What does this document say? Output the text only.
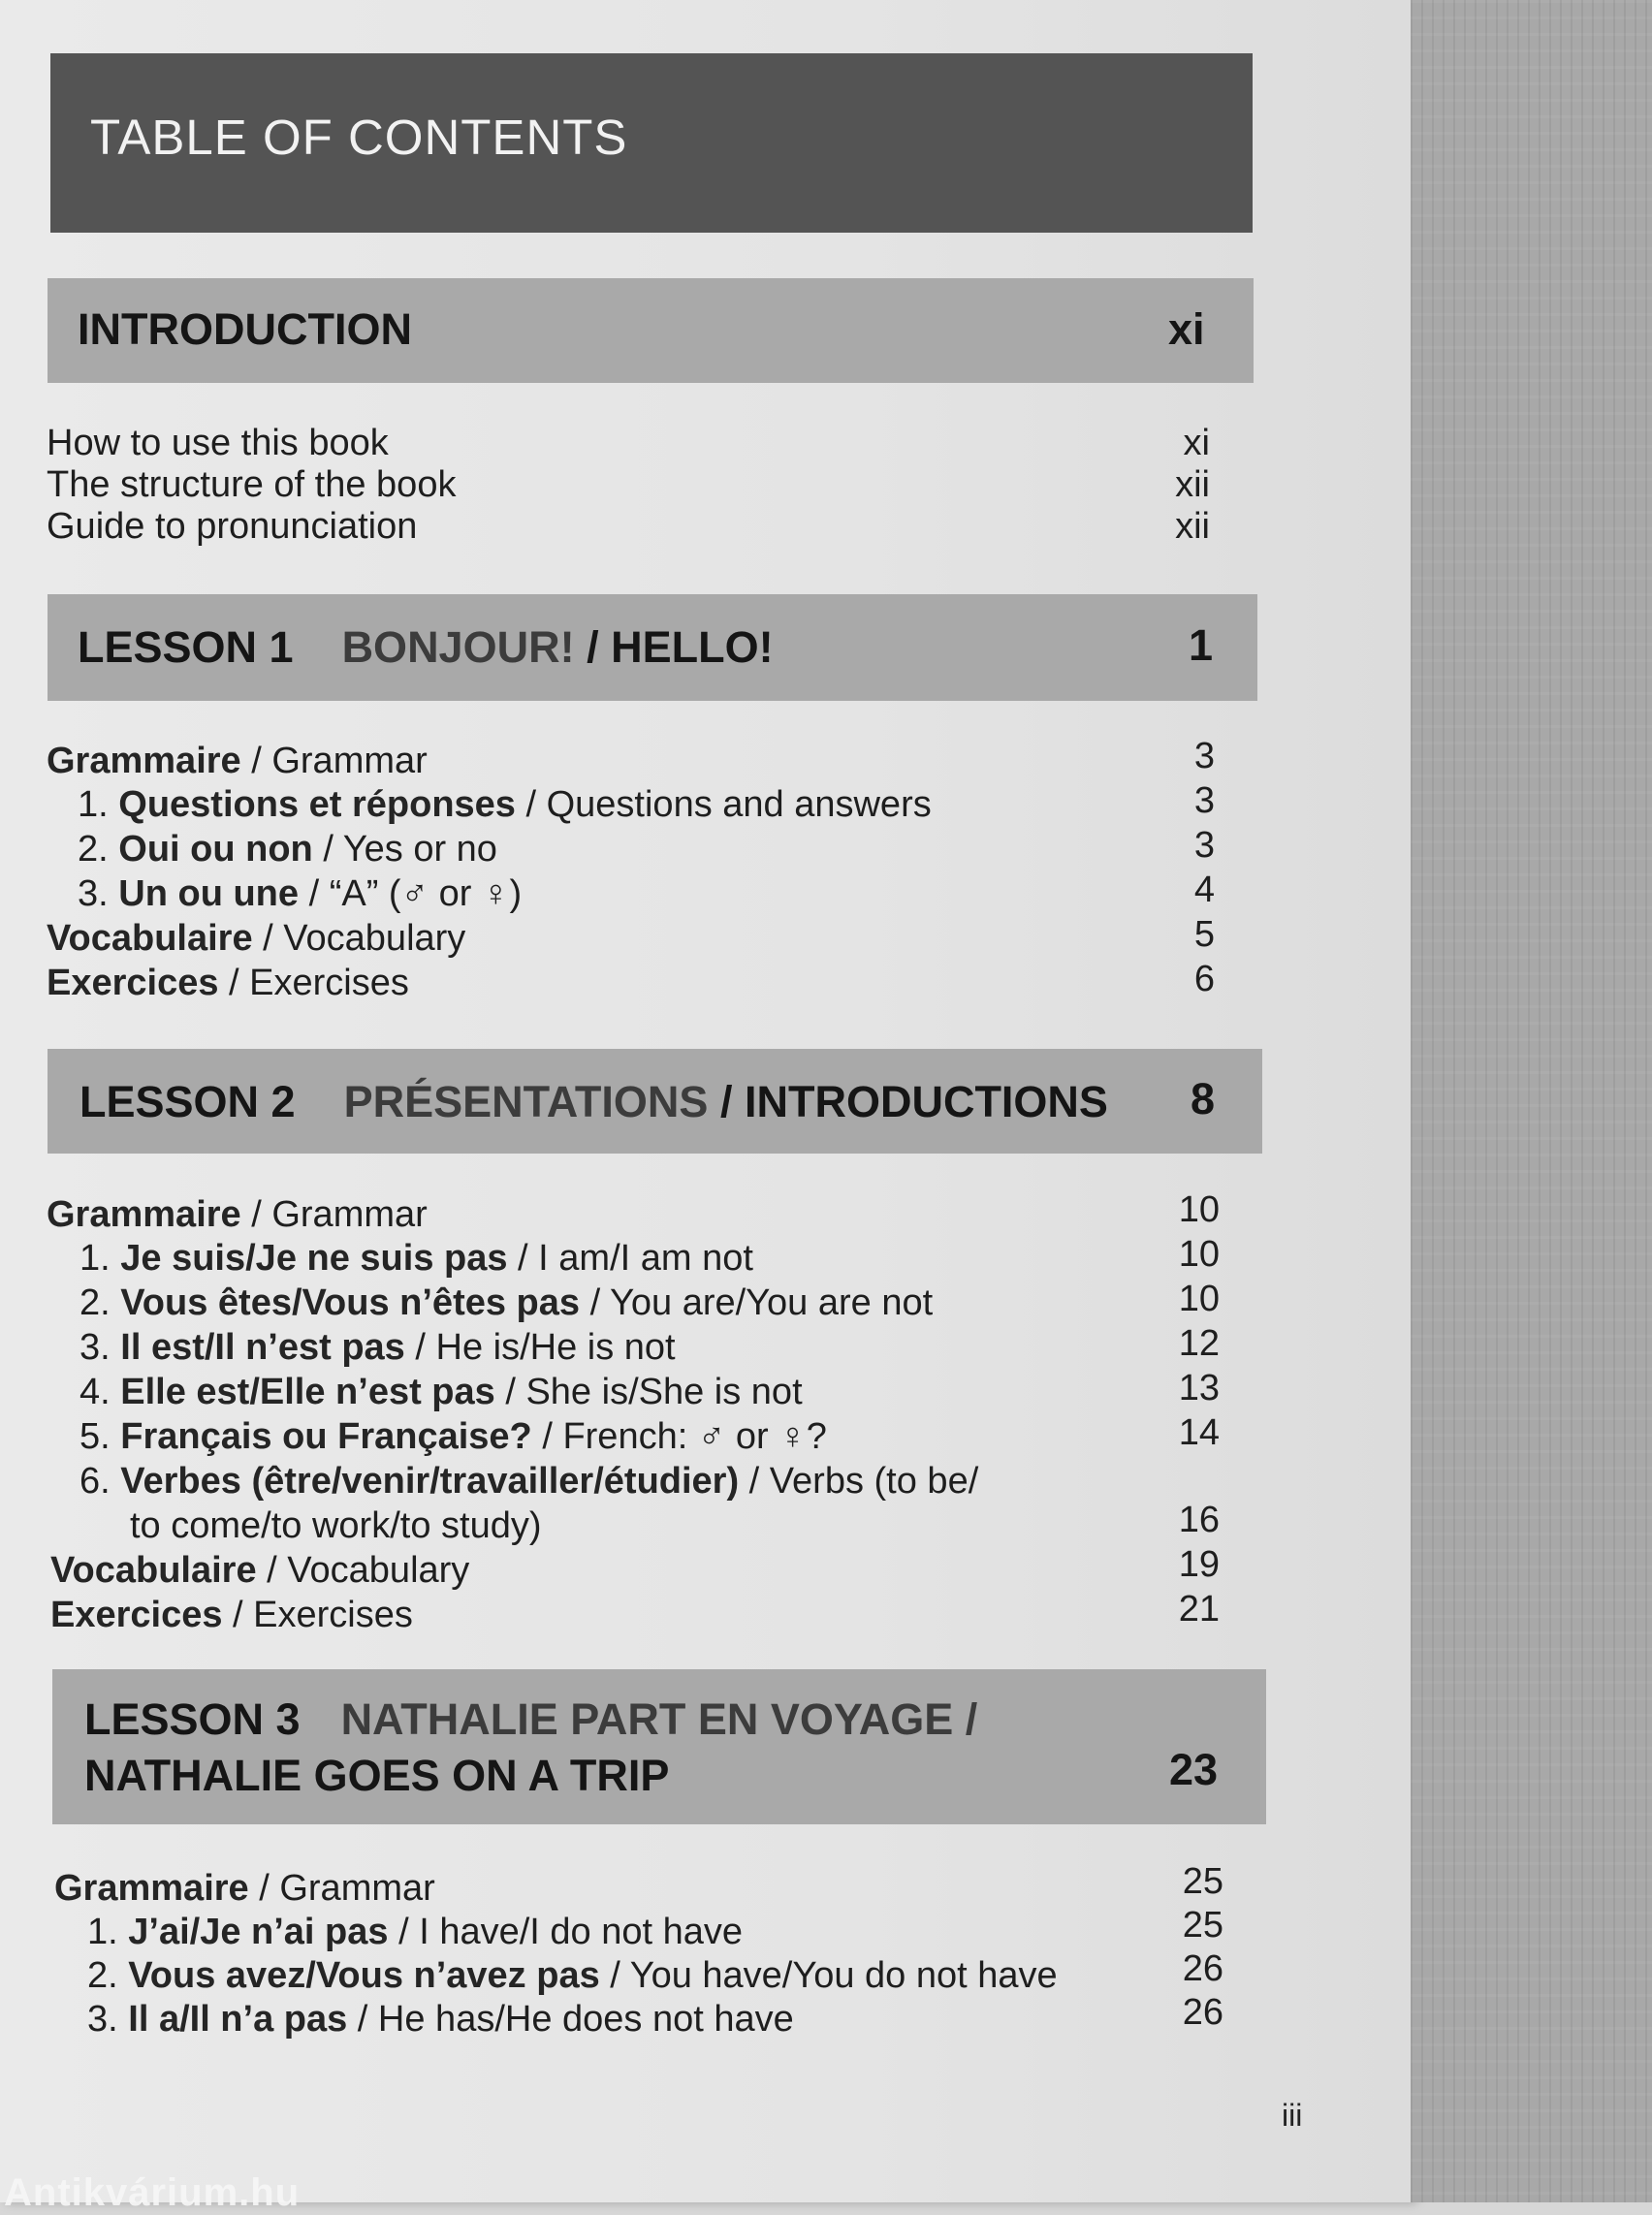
TABLE OF CONTENTS
INTRODUCTION	xi
How to use this book	xi
The structure of the book	xii
Guide to pronunciation	xii
LESSON 1 BONJOUR! / HELLO!	1
Grammaire / Grammar	3
1. Questions et réponses / Questions and answers	3
2. Oui ou non / Yes or no	3
3. Un ou une / “A” (♂ or ♀)	4
Vocabulaire / Vocabulary	5
Exercices / Exercises	6
LESSON 2 PRÉSENTATIONS / INTRODUCTIONS 8
Grammaire / Grammar	10
1. Je suis/Je ne suis pas / I am/I am not	10
2. Vous êtes/Vous n’êtes pas / You are/You are not	10
3. Il est/Il n’est pas / He is/He is not	12
4. Elle est/Elle n’est pas / She is/She is not	13
5. Français ou Française? / French: ♂ or ♀?	14
6. Verbes (être/venir/travailler/étudier) / Verbs (to be/
to come/to work/to study)	16
Vocabulaire / Vocabulary	19
Exercices / Exercises	21
LESSON 3 NATHALIE PART EN VOYAGE /
NATHALIE GOES ON A TRIP	23
Grammaire / Grammar	25
1. J’ai/Je n’ai pas / I have/I do not have	25
2. Vous avez/Vous n’avez pas / You have/You do not have	26
3. Il a/Il n’a pas / He has/He does not have	26
iii
Antikvárium.hu
